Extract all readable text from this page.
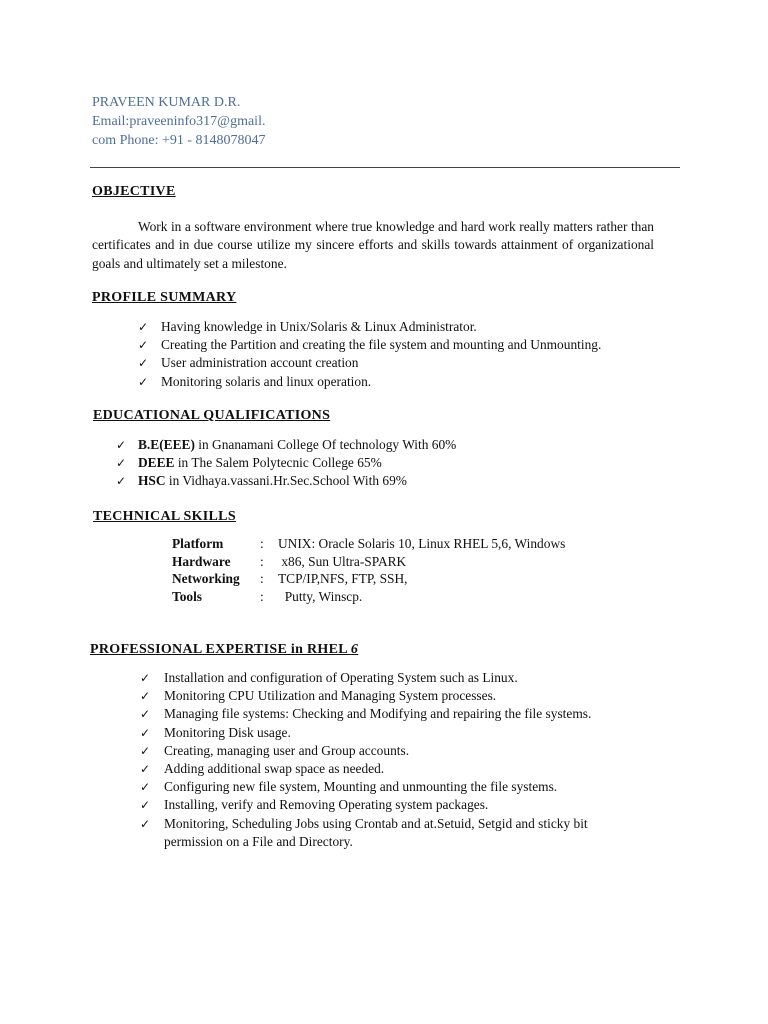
PRAVEEN KUMAR D.R.
Email:praveeninfo317@gmail.
com Phone: +91 - 8148078047
OBJECTIVE
Work in a software environment where true knowledge and hard work really matters rather than certificates and in due course utilize my sincere efforts and skills towards attainment of organizational goals and ultimately set a milestone.
PROFILE SUMMARY
✓ Having knowledge in Unix/Solaris & Linux Administrator.
✓ Creating the Partition and creating the file system and mounting and Unmounting.
✓ User administration account creation
✓ Monitoring solaris and linux operation.
EDUCATIONAL QUALIFICATIONS
✓ B.E(EEE) in Gnanamani College Of technology With 60%
✓ DEEE in The Salem Polytecnic College 65%
✓ HSC in Vidhaya.vassani.Hr.Sec.School With 69%
TECHNICAL SKILLS
Platform	:	UNIX: Oracle Solaris 10, Linux RHEL 5,6, Windows
Hardware	:	x86, Sun Ultra-SPARK
Networking	:	TCP/IP,NFS, FTP, SSH,
Tools	:	Putty, Winscp.
PROFESSIONAL EXPERTISE in RHEL 6
✓ Installation and configuration of Operating System such as Linux.
✓ Monitoring CPU Utilization and Managing System processes.
✓ Managing file systems: Checking and Modifying and repairing the file systems.
✓ Monitoring Disk usage.
✓ Creating, managing user and Group accounts.
✓ Adding additional swap space as needed.
✓ Configuring new file system, Mounting and unmounting the file systems.
✓ Installing, verify and Removing Operating system packages.
✓ Monitoring, Scheduling Jobs using Crontab and at.Setuid, Setgid and sticky bit permission on a File and Directory.
